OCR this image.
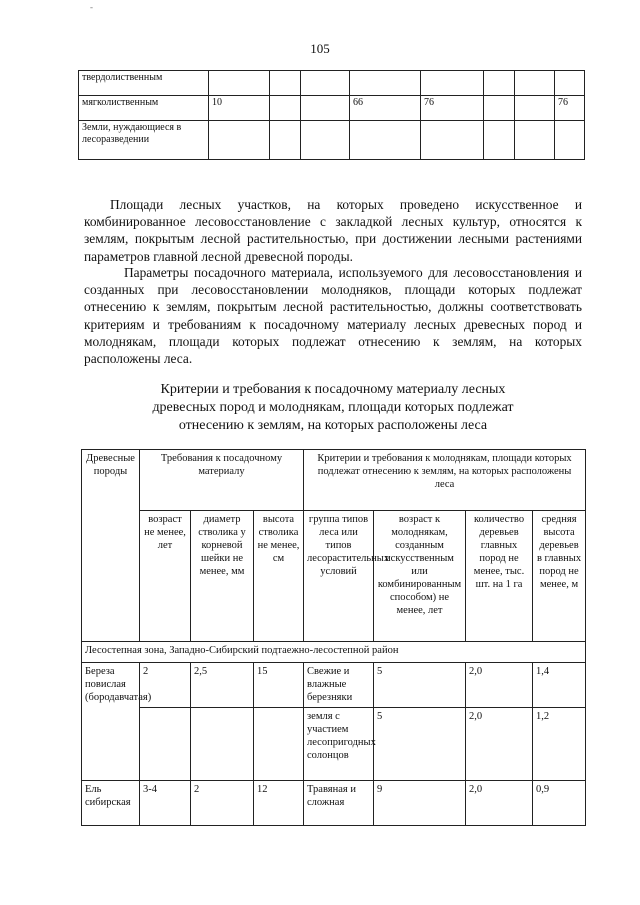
-
105
твердолиственным								
мягколиственным	10			66	76			76
Земли, нуждающиеся в лесоразведении								

Площади лесных участков, на которых проведено искусственное и комбинированное лесовосстановление с закладкой лесных культур, относятся к землям, покрытым лесной растительностью, при достижении лесными растениями параметров главной лесной древесной породы.

Параметры посадочного материала, используемого для лесовосстановления и созданных при лесовосстановлении молодняков, площади которых подлежат отнесению к землям, покрытым лесной растительностью, должны соответствовать критериям и требованиям к посадочному материалу лесных древесных пород и молоднякам, площади которых подлежат отнесению к землям, на которых расположены леса.

Критерии и требования к посадочному материалу лесных
древесных пород и молоднякам, площади которых подлежат
отнесению к землям, на которых расположены леса
Древесные породы	Требования к посадочному материалу			Критерии и требования к молоднякам, площади которых подлежат отнесению к землям, на которых расположены леса			
	возраст не менее, лет	диаметр стволика у корневой шейки не менее, мм	высота стволика не менее, см	группа типов леса или типов лесорастительных условий	возраст к молоднякам, созданным искусственным или комбинированным способом) не менее, лет	количество деревьев главных пород не менее, тыс. шт. на 1 га	средняя высота деревьев в главных пород не менее, м
Лесостепная зона, Западно-Сибирский подтаежно-лесостепной район							
Береза повислая (бородавчатая)	2	2,5	15	Свежие и влажные березняки	5	2,0	1,4
				земля с участием лесопригодных солонцов	5	2,0	1,2
Ель сибирская	3-4	2	12	Травяная и сложная	9	2,0	0,9
